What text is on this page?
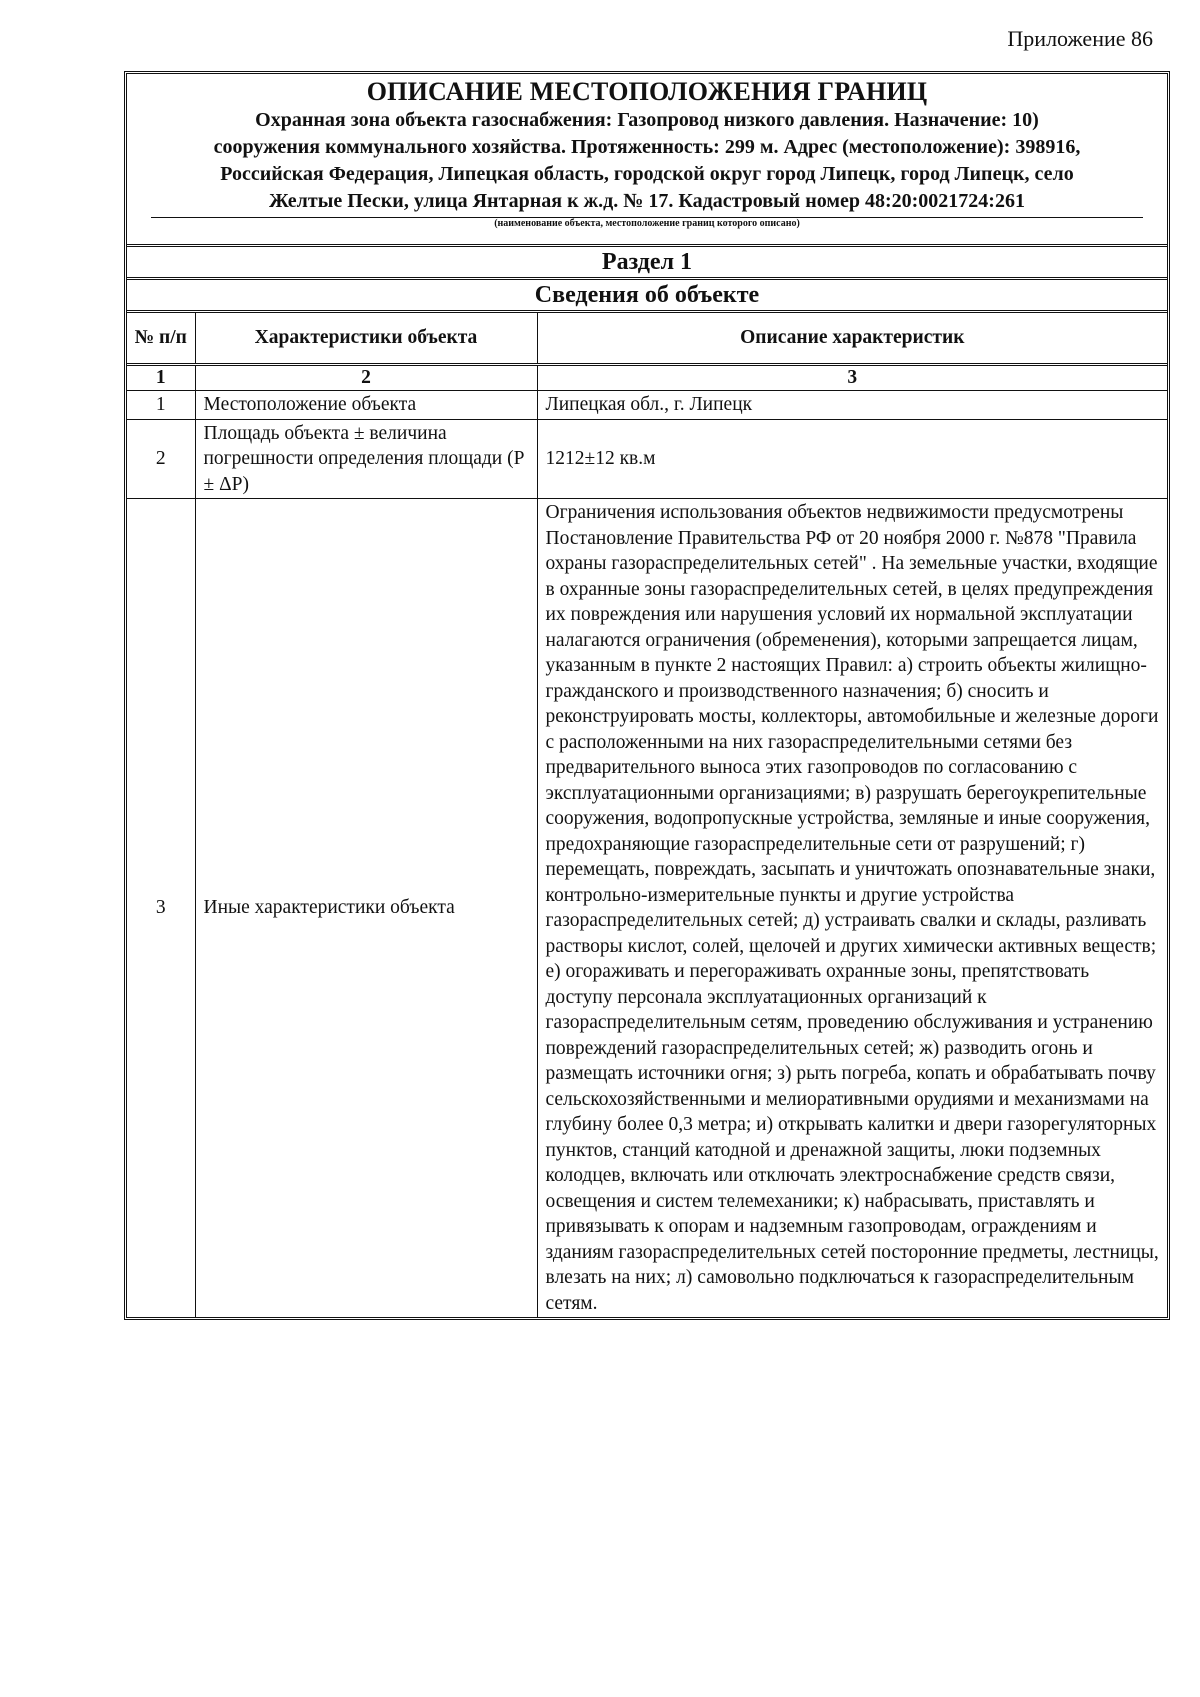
Приложение 86
ОПИСАНИЕ МЕСТОПОЛОЖЕНИЯ ГРАНИЦ
Охранная зона объекта газоснабжения: Газопровод низкого давления. Назначение: 10) сооружения коммунального хозяйства. Протяженность: 299 м. Адрес (местоположение): 398916, Российская Федерация, Липецкая область, городской округ город Липецк, город Липецк, село Желтые Пески, улица Янтарная к ж.д. № 17. Кадастровый номер 48:20:0021724:261
(наименование объекта, местоположение границ которого описано)
Раздел 1
Сведения об объекте
№ п/п	Характеристики объекта	Описание характеристик
1	2	3
1	Местоположение объекта	Липецкая обл., г. Липецк
2	Площадь объекта ± величина погрешности определения площади (P ± ΔP)	1212±12 кв.м
3	Иные характеристики объекта	Ограничения использования объектов недвижимости предусмотрены Постановление Правительства РФ от 20 ноября 2000 г. №878 "Правила охраны газораспределительных сетей" . На земельные участки, входящие в охранные зоны газораспределительных сетей, в целях предупреждения их повреждения или нарушения условий их нормальной эксплуатации налагаются ограничения (обременения), которыми запрещается лицам, указанным в пункте 2 настоящих Правил: а) строить объекты жилищно-гражданского и производственного назначения; б) сносить и реконструировать мосты, коллекторы, автомобильные и железные дороги с расположенными на них газораспределительными сетями без предварительного выноса этих газопроводов по согласованию с эксплуатационными организациями; в) разрушать берегоукрепительные сооружения, водопропускные устройства, земляные и иные сооружения, предохраняющие газораспределительные сети от разрушений; г) перемещать, повреждать, засыпать и уничтожать опознавательные знаки, контрольно-измерительные пункты и другие устройства газораспределительных сетей; д) устраивать свалки и склады, разливать растворы кислот, солей, щелочей и других химически активных веществ; е) огораживать и перегораживать охранные зоны, препятствовать доступу персонала эксплуатационных организаций к газораспределительным сетям, проведению обслуживания и устранению повреждений газораспределительных сетей; ж) разводить огонь и размещать источники огня; з) рыть погреба, копать и обрабатывать почву сельскохозяйственными и мелиоративными орудиями и механизмами на глубину более 0,3 метра; и) открывать калитки и двери газорегуляторных пунктов, станций катодной и дренажной защиты, люки подземных колодцев, включать или отключать электроснабжение средств связи, освещения и систем телемеханики; к) набрасывать, приставлять и привязывать к опорам и надземным газопроводам, ограждениям и зданиям газораспределительных сетей посторонние предметы, лестницы, влезать на них; л) самовольно подключаться к газораспределительным сетям.
